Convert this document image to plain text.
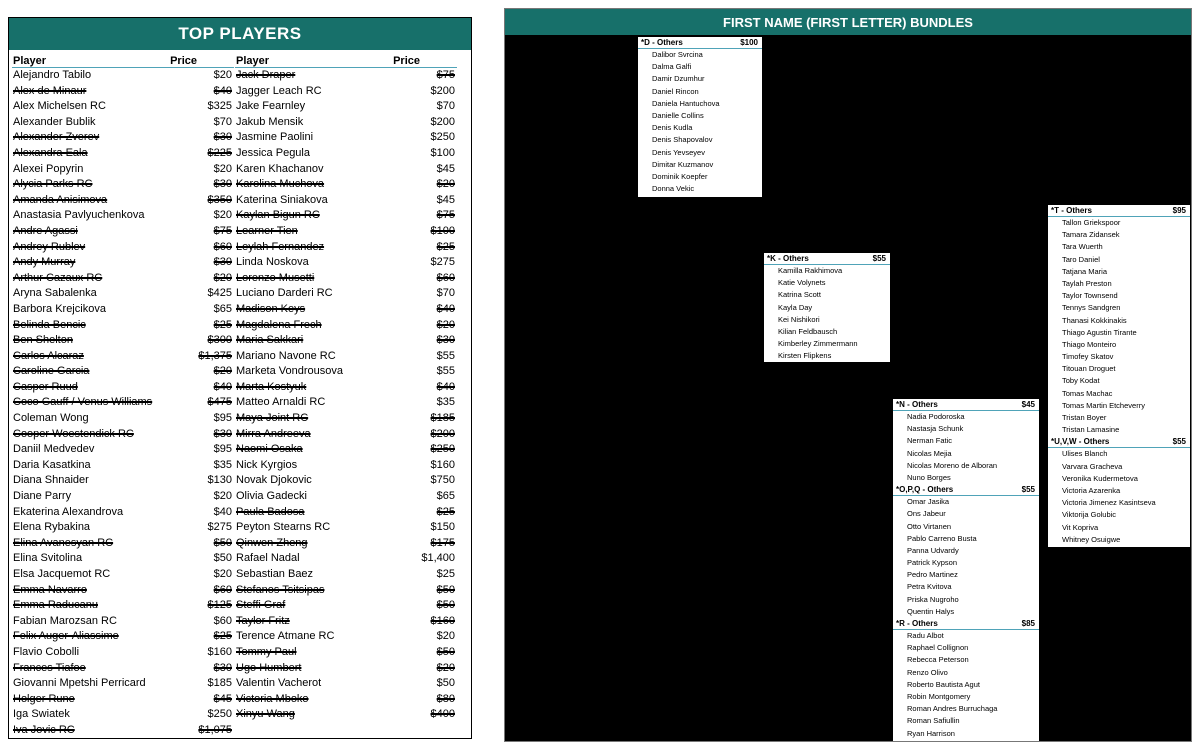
TOP PLAYERS
Player	Price
Alejandro Tabilo	$20
Alex de Minaur	$40
Alex Michelsen RC	$325
Alexander Bublik	$70
Alexander Zverev	$30
Alexandra Eala	$225
Alexei Popyrin	$20
Alycia Parks RC	$30
Amanda Anisimova	$350
Anastasia Pavlyuchenkova	$20
Andre Agassi	$75
Andrey Rublev	$60
Andy Murray	$30
Arthur Cazaux RC	$20
Aryna Sabalenka	$425
Barbora Krejcikova	$65
Belinda Bencic	$25
Ben Shelton	$300
Carlos Alcaraz	$1,375
Caroline Garcia	$20
Casper Ruud	$40
Coco Gauff / Venus Williams	$475
Coleman Wong	$95
Cooper Woestendick RC	$30
Daniil Medvedev	$95
Daria Kasatkina	$35
Diana Shnaider	$130
Diane Parry	$20
Ekaterina Alexandrova	$40
Elena Rybakina	$275
Elina Avanesyan RC	$50
Elina Svitolina	$50
Elsa Jacquemot RC	$20
Emma Navarro	$60
Emma Raducanu	$125
Fabian Marozsan RC	$60
Felix Auger-Aliassime	$25
Flavio Cobolli	$160
Frances Tiafoe	$30
Giovanni Mpetshi Perricard	$185
Holger Rune	$45
Iga Swiatek	$250
Iva Jovic RC	$1,075
Player	Price
Jack Draper	$75
Jagger Leach RC	$200
Jake Fearnley	$70
Jakub Mensik	$200
Jasmine Paolini	$250
Jessica Pegula	$100
Karen Khachanov	$45
Karolina Muchova	$20
Katerina Siniakova	$45
Kaylan Bigun RC	$75
Learner Tien	$100
Leylah Fernandez	$25
Linda Noskova	$275
Lorenzo Musetti	$60
Luciano Darderi RC	$70
Madison Keys	$40
Magdalena Frech	$20
Maria Sakkari	$30
Mariano Navone RC	$55
Marketa Vondrousova	$55
Marta Kostyuk	$40
Matteo Arnaldi RC	$35
Maya Joint RC	$185
Mirra Andreeva	$200
Naomi Osaka	$250
Nick Kyrgios	$160
Novak Djokovic	$750
Olivia Gadecki	$65
Paula Badosa	$25
Peyton Stearns RC	$150
Qinwen Zheng	$175
Rafael Nadal	$1,400
Sebastian Baez	$25
Stefanos Tsitsipas	$50
Steffi Graf	$50
Taylor Fritz	$160
Terence Atmane RC	$20
Tommy Paul	$50
Ugo Humbert	$20
Valentin Vacherot	$50
Victoria Mboko	$80
Xinyu Wang	$400
FIRST NAME (FIRST LETTER) BUNDLES
*D - Others	$100
Dalibor Svrcina
Dalma Galfi
Damir Dzumhur
Daniel Rincon
Daniela Hantuchova
Danielle Collins
Denis Kudla
Denis Shapovalov
Denis Yevseyev
Dimitar Kuzmanov
Dominik Koepfer
Donna Vekic
Dusan Lajovic
*K - Others	$55
Kamilla Rakhimova
Katie Volynets
Katrina Scott
Kayla Day
Kei Nishikori
Kilian Feldbausch
Kimberley Zimmermann
Kirsten Flipkens
*N - Others	$45
Nadia Podoroska
Nastasja Schunk
Nerman Fatic
Nicolas Mejia
Nicolas Moreno de Alboran
Nuno Borges
*O,P,Q - Others	$55
Omar Jasika
Ons Jabeur
Otto Virtanen
Pablo Carreno Busta
Panna Udvardy
Patrick Kypson
Pedro Martinez
Petra Kvitova
Priska Nugroho
Quentin Halys
*R - Others	$85
Radu Albot
Raphael Collignon
Rebecca Peterson
Renzo Olivo
Roberto Bautista Agut
Robin Montgomery
Roman Andres Burruchaga
Roman Safiullin
Ryan Harrison
*T - Others	$95
Tallon Griekspoor
Tamara Zidansek
Tara Wuerth
Taro Daniel
Tatjana Maria
Taylah Preston
Taylor Townsend
Tennys Sandgren
Thanasi Kokkinakis
Thiago Agustin Tirante
Thiago Monteiro
Timofey Skatov
Titouan Droguet
Toby Kodat
Tomas Machac
Tomas Martin Etcheverry
Tristan Boyer
Tristan Lamasine
*U,V,W - Others	$55
Ulises Blanch
Varvara Gracheva
Veronika Kudermetova
Victoria Azarenka
Victoria Jimenez Kasintseva
Viktorija Golubic
Vit Kopriva
Whitney Osuigwe
